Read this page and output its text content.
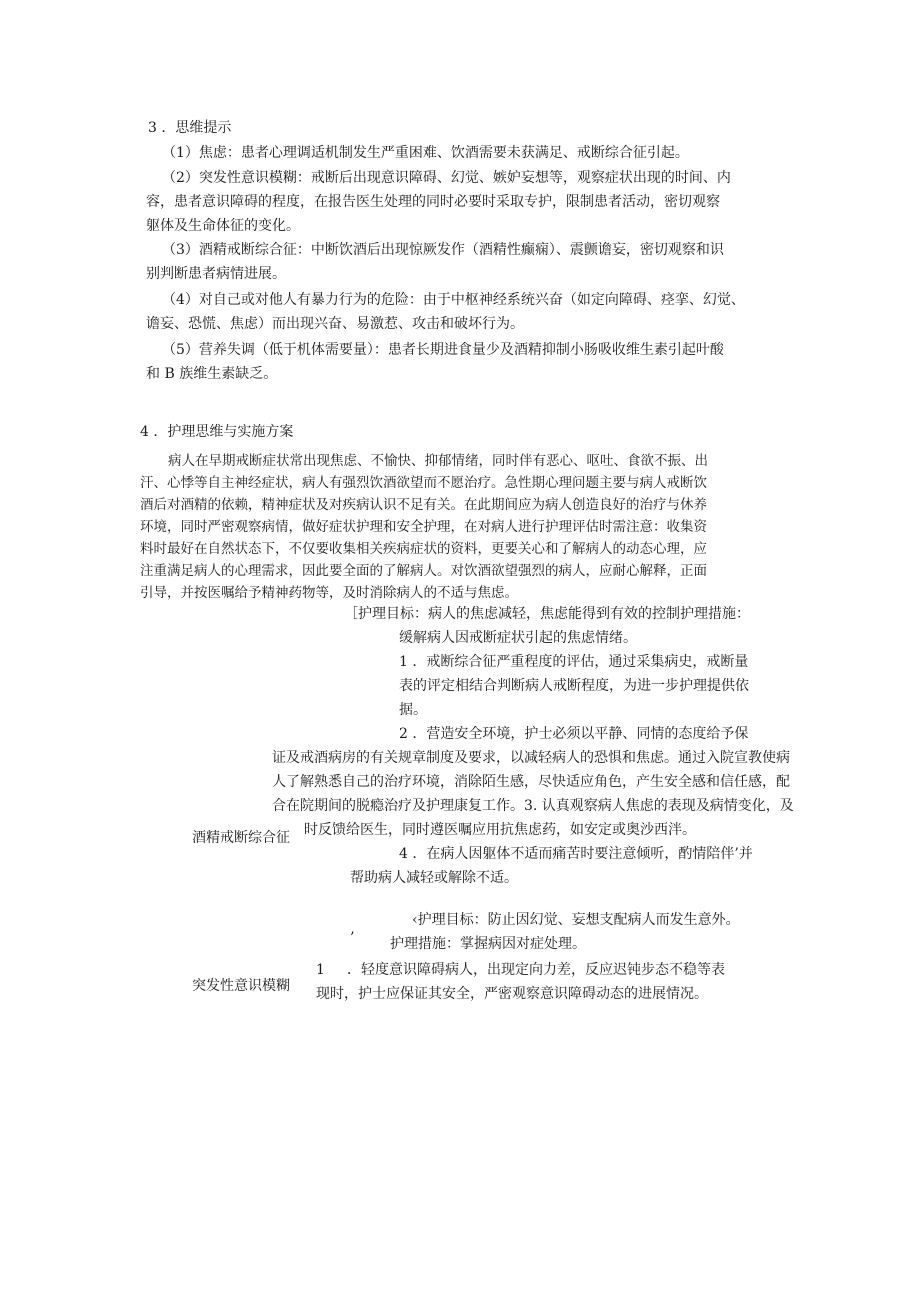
3 ．思维提示
（1）焦虑：患者心理调适机制发生严重困难、饮酒需要未获满足、戒断综合征引起。
（2）突发性意识模糊：戒断后出现意识障碍、幻觉、嫉妒妄想等，观察症状出现的时间、内
容，患者意识障碍的程度，在报告医生处理的同时必要时采取专护，限制患者活动，密切观察
躯体及生命体征的变化。
（3）酒精戒断综合征：中断饮酒后出现惊厥发作（酒精性癫痫）、震颤谵妄，密切观察和识
别判断患者病情进展。
（4）对自己或对他人有暴力行为的危险：由于中枢神经系统兴奋（如定向障碍、痉挛、幻觉、
谵妄、恐慌、焦虑）而出现兴奋、易激惹、攻击和破坏行为。
（5）营养失调（低于机体需要量）：患者长期进食量少及酒精抑制小肠吸收维生素引起叶酸
和 B 族维生素缺乏。
4 ．护理思维与实施方案
病人在早期戒断症状常出现焦虑、不愉快、抑郁情绪，同时伴有恶心、呕吐、食欲不振、出
汗、心悸等自主神经症状，病人有强烈饮酒欲望而不愿治疗。急性期心理问题主要与病人戒断饮
酒后对酒精的依赖，精神症状及对疾病认识不足有关。在此期间应为病人创造良好的治疗与休养
环境，同时严密观察病情，做好症状护理和安全护理，在对病人进行护理评估时需注意：收集资
料时最好在自然状态下，不仅要收集相关疾病症状的资料，更要关心和了解病人的动态心理，应
注重满足病人的心理需求，因此要全面的了解病人。对饮酒欲望强烈的病人，应耐心解释，正面
引导，并按医嘱给予精神药物等，及时消除病人的不适与焦虑。
酒精戒断综合征
［护理目标：病人的焦虑减轻，焦虑能得到有效的控制护理措施：
缓解病人因戒断症状引起的焦虑情绪。
1 ．戒断综合征严重程度的评估，通过采集病史，戒断量
表的评定相结合判断病人戒断程度，为进一步护理提供依
据。
2 ．营造安全环境，护士必须以平静、同情的态度给予保
证及戒酒病房的有关规章制度及要求，以减轻病人的恐惧和焦虑。通过入院宣教使病
人了解熟悉自己的治疗环境，消除陌生感，尽快适应角色，产生安全感和信任感，配
合在院期间的脱瘾治疗及护理康复工作。3. 认真观察病人焦虑的表现及病情变化，及
时反馈给医生，同时遵医嘱应用抗焦虑药，如安定或奥沙西泮。
4 ．在病人因躯体不适而痛苦时要注意倾听，酌情陪伴’并
帮助病人减轻或解除不适。
突发性意识模糊
‹护理目标：防止因幻觉、妄想支配病人而发生意外。
’	护理措施：掌握病因对症处理。
1 ．轻度意识障碍病人，出现定向力差，反应迟钝步态不稳等表
现时，护士应保证其安全，严密观察意识障碍动态的进展情况。
